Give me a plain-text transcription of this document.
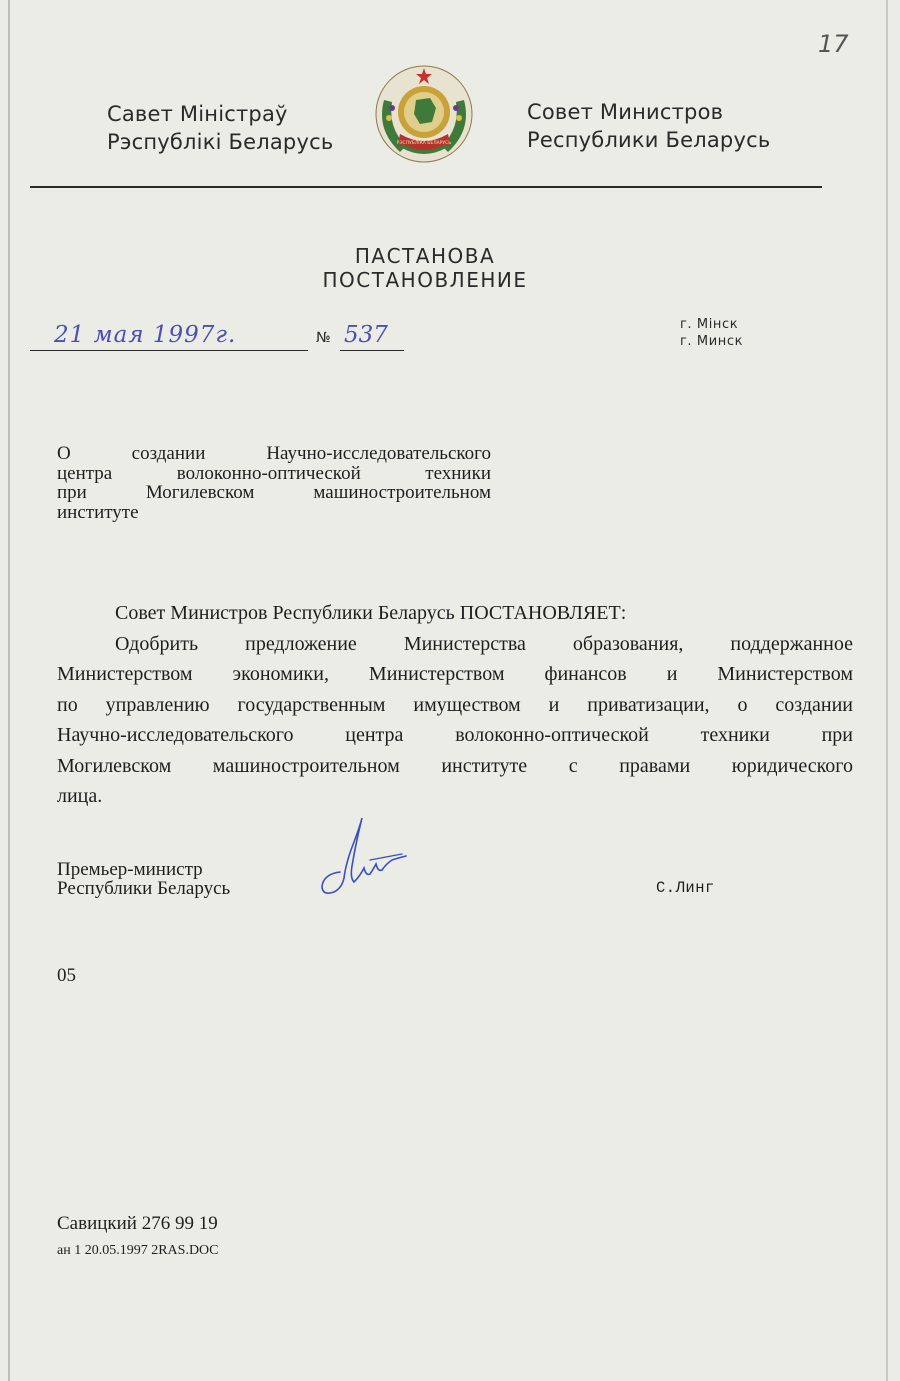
17
Савет Міністраў
Рэспублікі Беларусь	РЭСПУБЛІКА БЕЛАРУСЬ
Совет Министров
Республики Беларусь
ПАСТАНОВА
ПОСТАНОВЛЕНИЕ
21 мая 1997г.	№ 537	г. Мінск
г. Минск

О создании Научно-исследовательского

центра волоконно-оптической техники

при Могилевском машиностроительном

институте

Совет Министров Республики Беларусь ПОСТАНОВЛЯЕТ:

Одобрить предложение Министерства образования, поддержанное

Министерством экономики, Министерством финансов и Министерством

по управлению государственным имуществом и приватизации, о создании

Научно-исследовательского центра волоконно-оптической техники при

Могилевском машиностроительном институте с правами юридического

лица.

Премьер-министр
Республики Беларусь	С.Линг
05
Савицкий 276 99 19
ан 1 20.05.1997 2RAS.DOC
